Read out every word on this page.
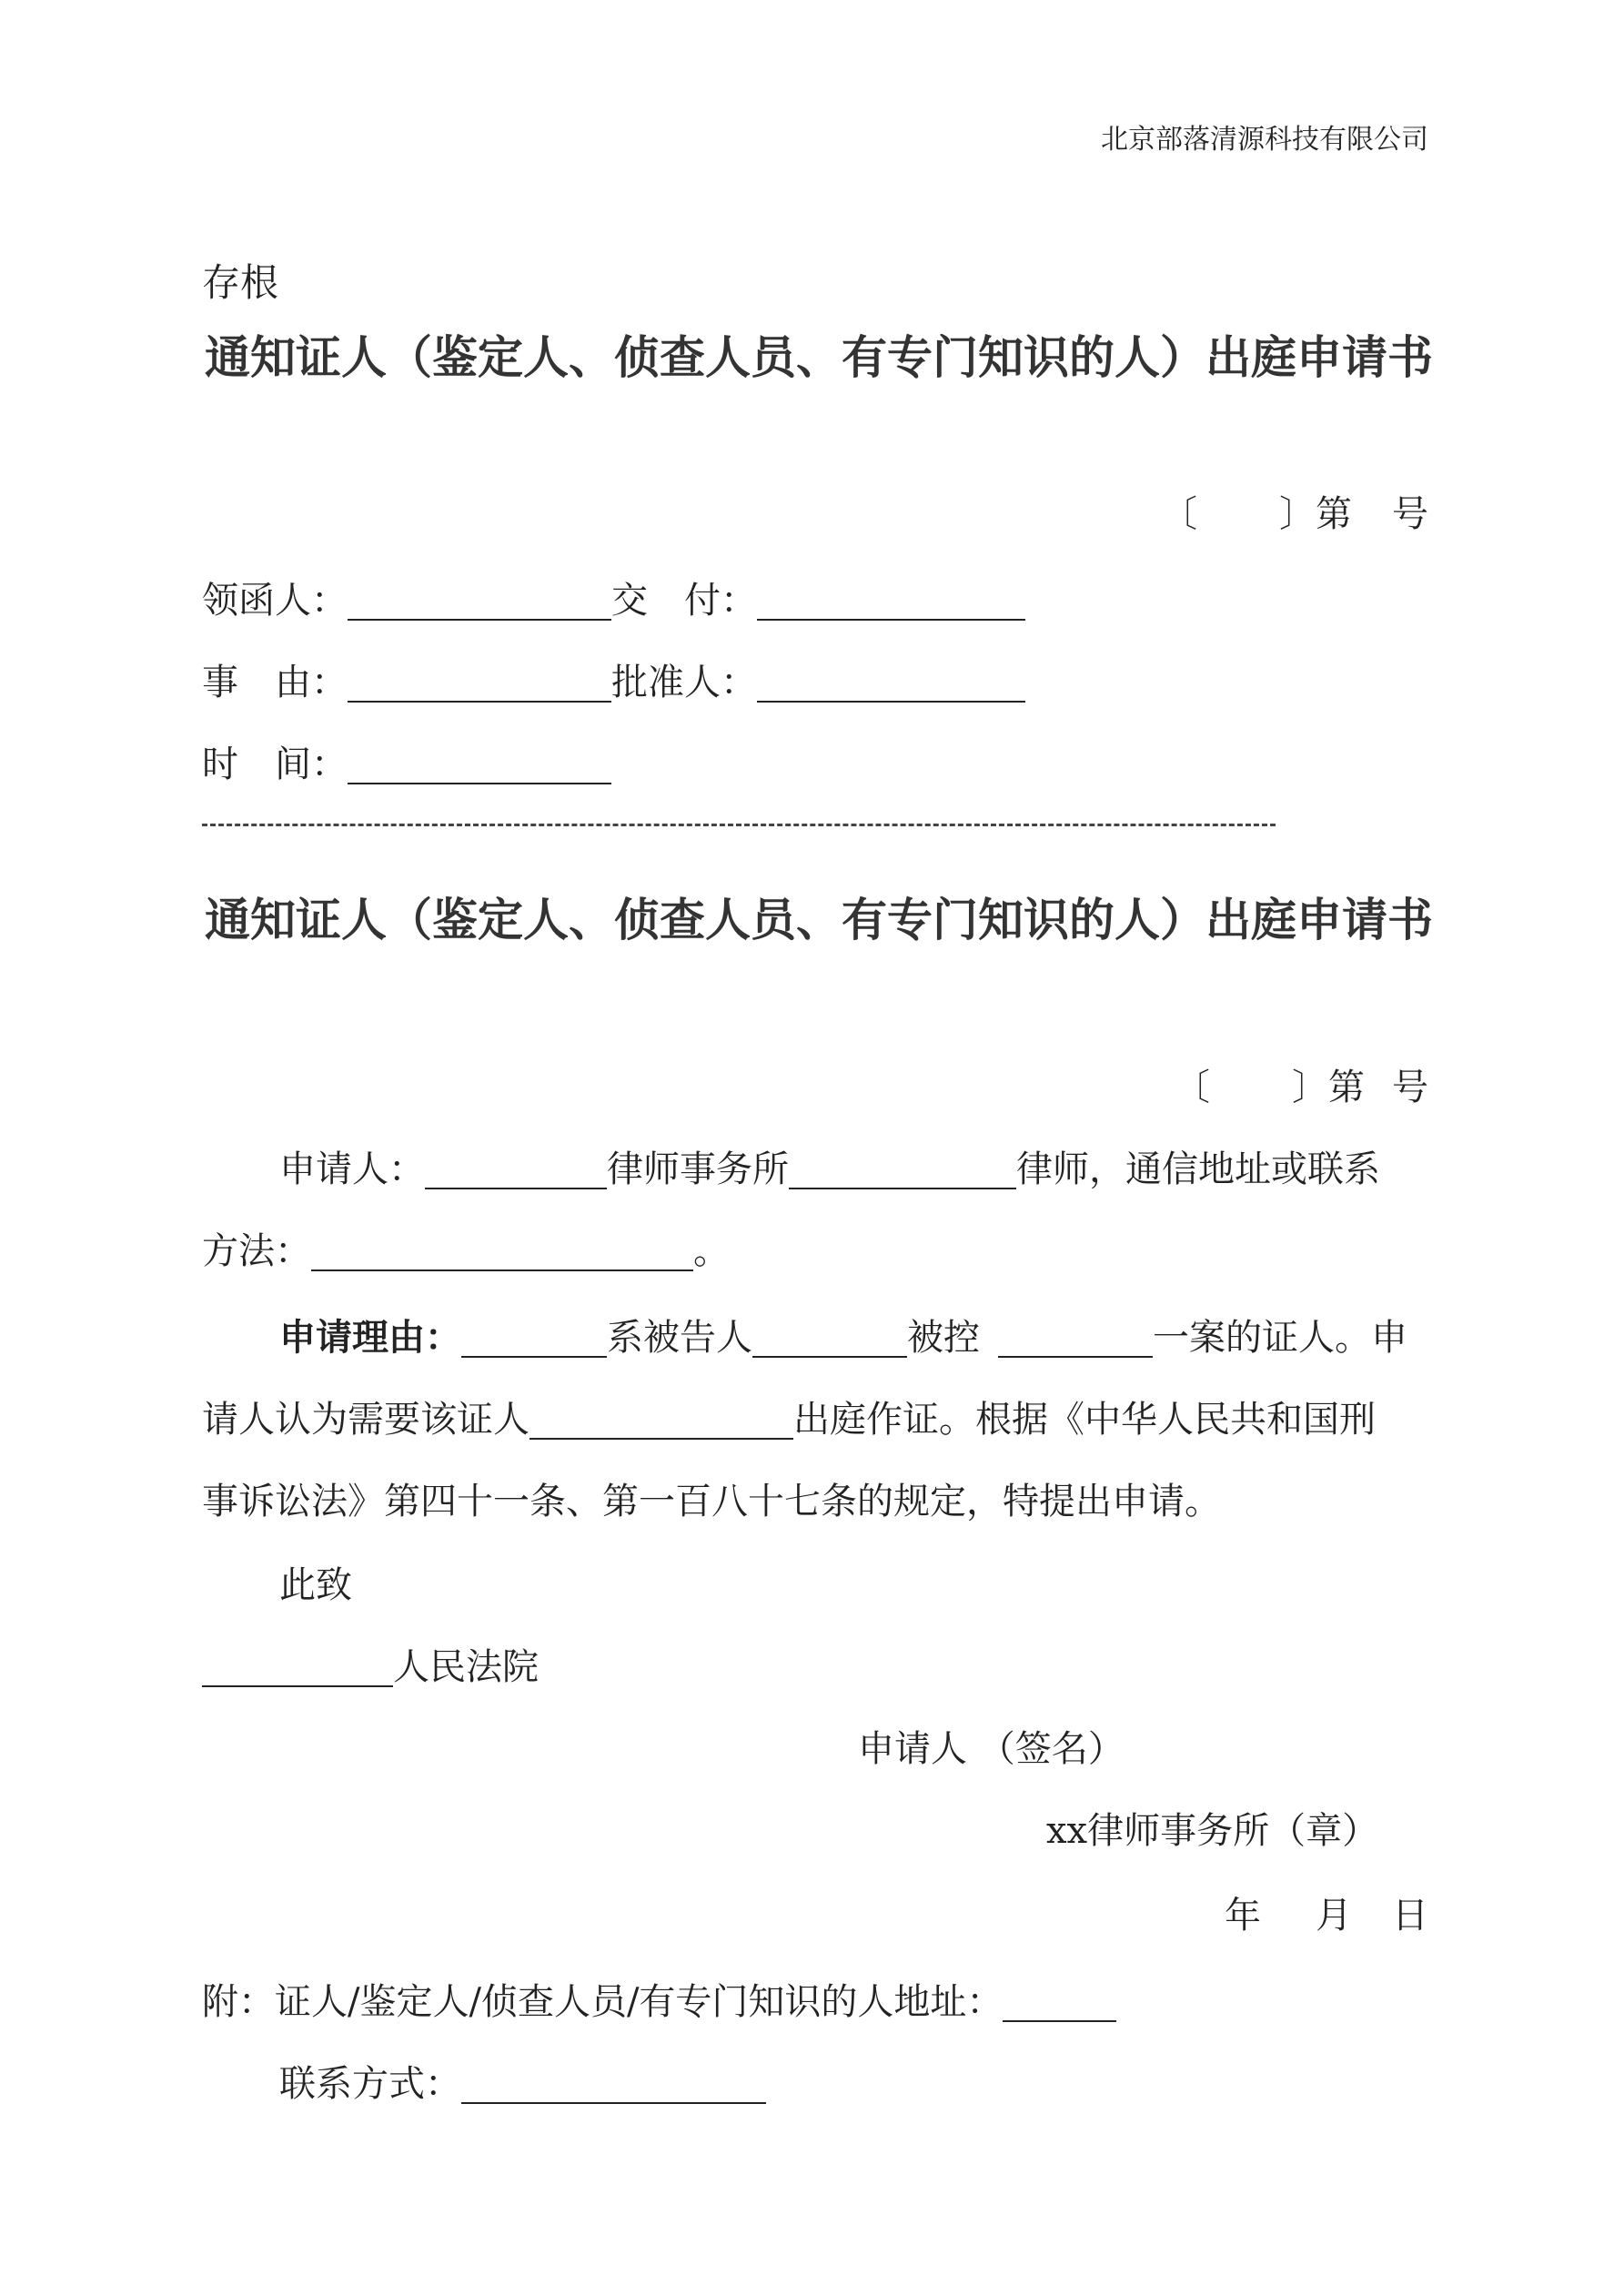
北京部落清源科技有限公司
存根
通知证人（鉴定人、侦查人员、有专门知识的人）出庭申请书
〔 〕第 号
领函人：	交　付：
事　由：	批准人：
时　间：
通知证人（鉴定人、侦查人员、有专门知识的人）出庭申请书
〔 〕第 号
申请人：	律师事务所	律师，通信地址或联系
方法：	。
申请理由：	系被告人	被控	一案的证人。申
请人认为需要该证人	出庭作证。根据《中华人民共和国刑
事诉讼法》第四十一条、第一百八十七条的规定，特提出申请。
此致
人民法院
申请人 （签名）
xx律师事务所（章）
年 月 日
附：证人/鉴定人/侦查人员/有专门知识的人地址：
联系方式：
